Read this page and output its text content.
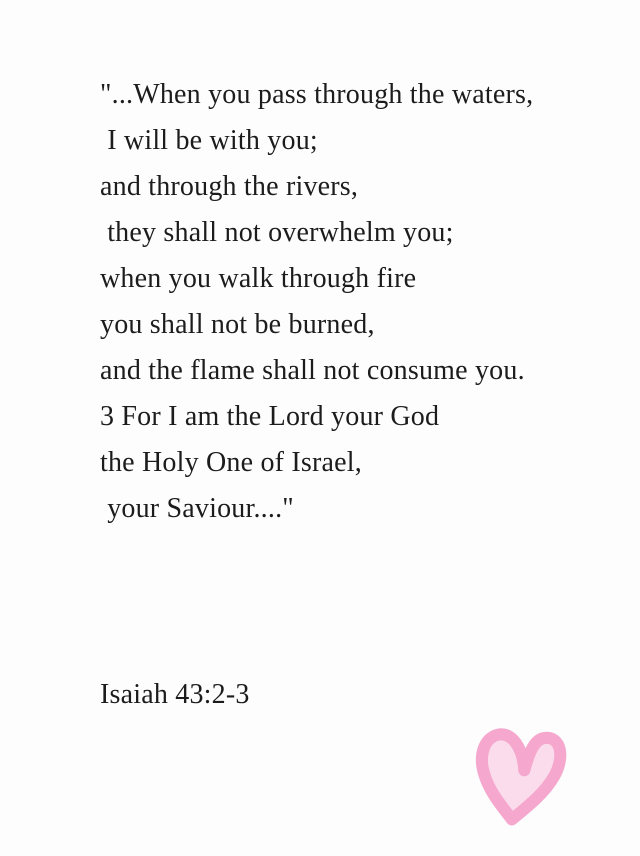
"...When you pass through the waters,
I will be with you;
and through the rivers,
they shall not overwhelm you;
when you walk through fire
you shall not be burned,
and the flame shall not consume you.
3 For I am the Lord your God
the Holy One of Israel,
your Saviour...."
Isaiah 43:2-3
